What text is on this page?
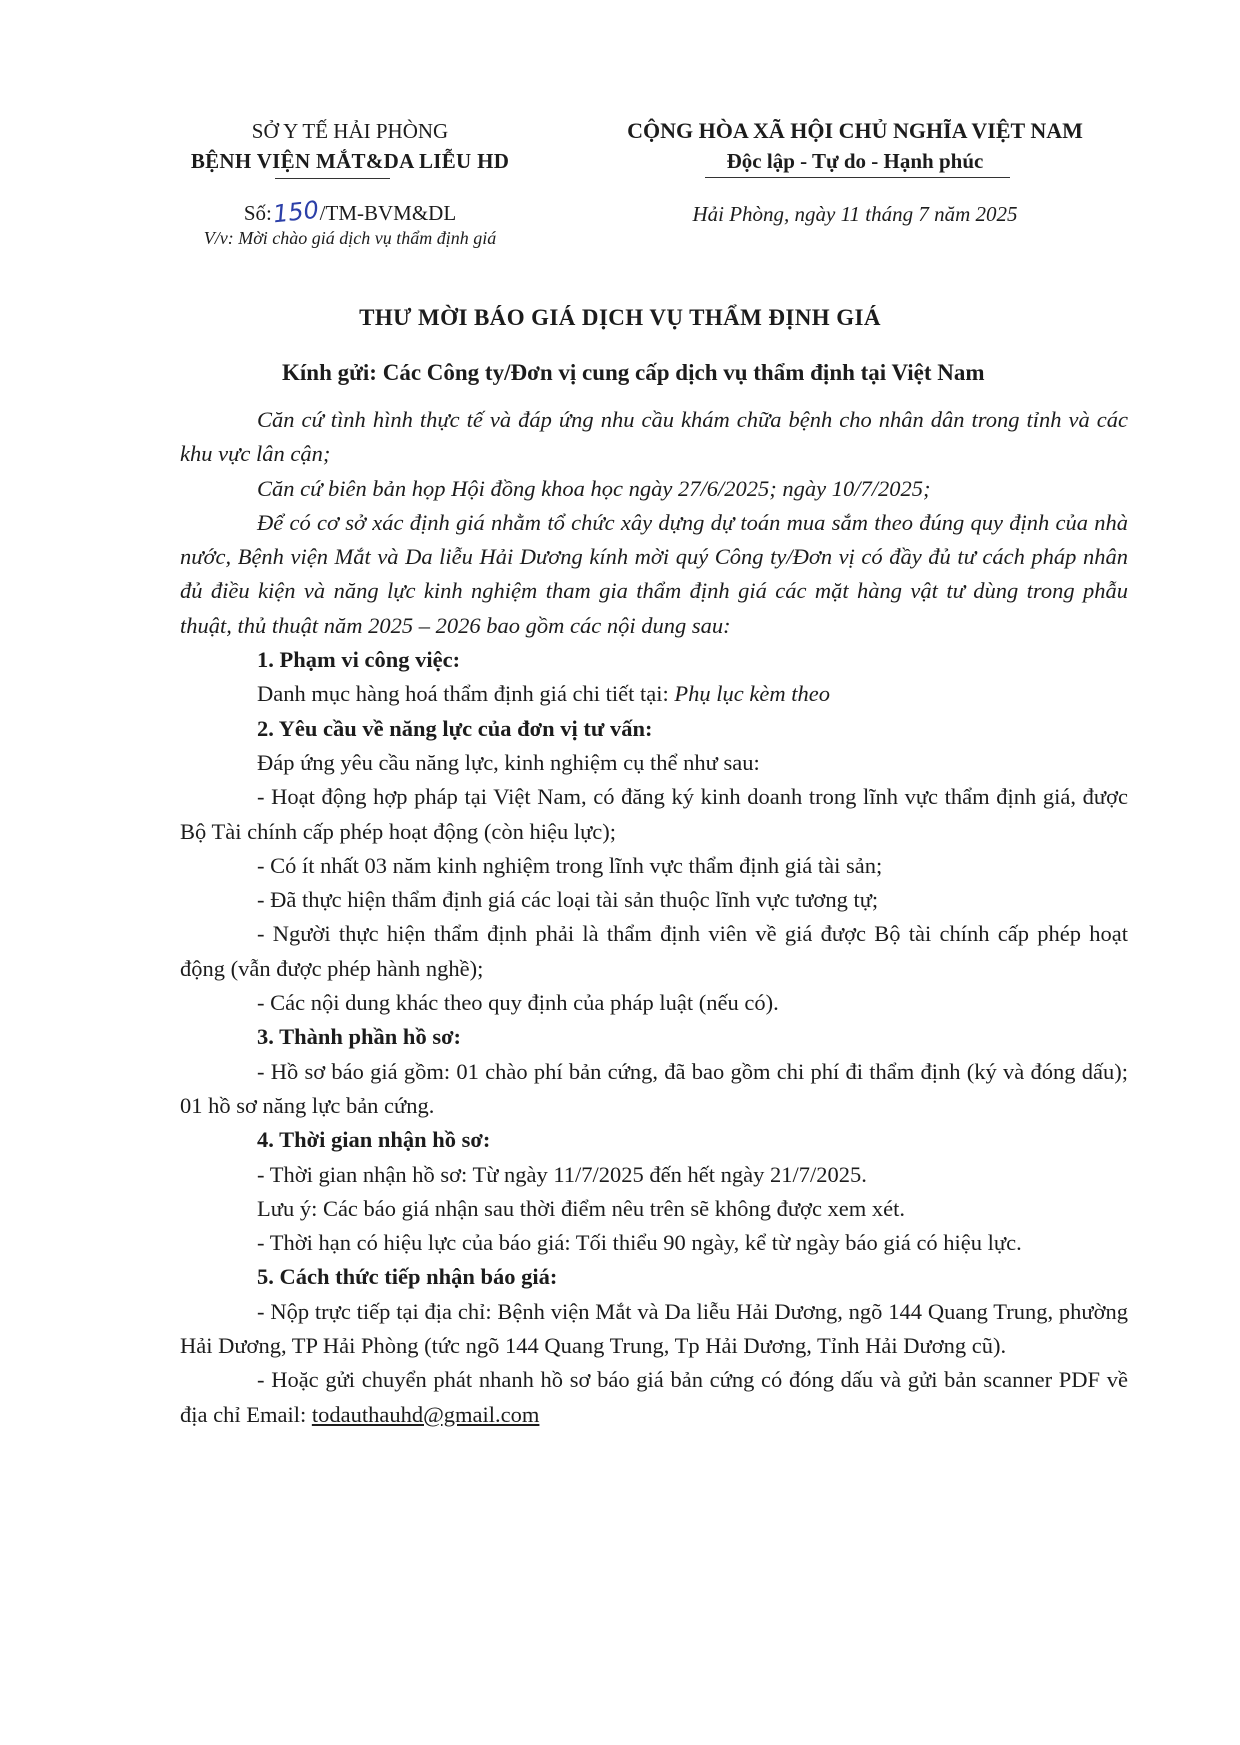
SỞ Y TẾ HẢI PHÒNG
BỆNH VIỆN MẮT&DA LIỄU HD
CỘNG HÒA XÃ HỘI CHỦ NGHĨA VIỆT NAM
Độc lập - Tự do - Hạnh phúc
Số:150/TM-BVM&DL
V/v: Mời chào giá dịch vụ thẩm định giá
Hải Phòng, ngày 11 tháng 7 năm 2025
THƯ MỜI BÁO GIÁ DỊCH VỤ THẨM ĐỊNH GIÁ
Kính gửi: Các Công ty/Đơn vị cung cấp dịch vụ thẩm định tại Việt Nam

Căn cứ tình hình thực tế và đáp ứng nhu cầu khám chữa bệnh cho nhân dân trong tỉnh và các khu vực lân cận;

Căn cứ biên bản họp Hội đồng khoa học ngày 27/6/2025; ngày 10/7/2025;

Để có cơ sở xác định giá nhằm tổ chức xây dựng dự toán mua sắm theo đúng quy định của nhà nước, Bệnh viện Mắt và Da liễu Hải Dương kính mời quý Công ty/Đơn vị có đầy đủ tư cách pháp nhân đủ điều kiện và năng lực kinh nghiệm tham gia thẩm định giá các mặt hàng vật tư dùng trong phẫu thuật, thủ thuật năm 2025 – 2026 bao gồm các nội dung sau:

1. Phạm vi công việc:

Danh mục hàng hoá thẩm định giá chi tiết tại: Phụ lục kèm theo

2. Yêu cầu về năng lực của đơn vị tư vấn:

Đáp ứng yêu cầu năng lực, kinh nghiệm cụ thể như sau:

- Hoạt động hợp pháp tại Việt Nam, có đăng ký kinh doanh trong lĩnh vực thẩm định giá, được Bộ Tài chính cấp phép hoạt động (còn hiệu lực);

- Có ít nhất 03 năm kinh nghiệm trong lĩnh vực thẩm định giá tài sản;

- Đã thực hiện thẩm định giá các loại tài sản thuộc lĩnh vực tương tự;

- Người thực hiện thẩm định phải là thẩm định viên về giá được Bộ tài chính cấp phép hoạt động (vẫn được phép hành nghề);

- Các nội dung khác theo quy định của pháp luật (nếu có).

3. Thành phần hồ sơ:

- Hồ sơ báo giá gồm: 01 chào phí bản cứng, đã bao gồm chi phí đi thẩm định (ký và đóng dấu); 01 hồ sơ năng lực bản cứng.

4. Thời gian nhận hồ sơ:

- Thời gian nhận hồ sơ: Từ ngày 11/7/2025 đến hết ngày 21/7/2025.

Lưu ý: Các báo giá nhận sau thời điểm nêu trên sẽ không được xem xét.

- Thời hạn có hiệu lực của báo giá: Tối thiểu 90 ngày, kể từ ngày báo giá có hiệu lực.

5. Cách thức tiếp nhận báo giá:

- Nộp trực tiếp tại địa chỉ: Bệnh viện Mắt và Da liễu Hải Dương, ngõ 144 Quang Trung, phường Hải Dương, TP Hải Phòng (tức ngõ 144 Quang Trung, Tp Hải Dương, Tỉnh Hải Dương cũ).

- Hoặc gửi chuyển phát nhanh hồ sơ báo giá bản cứng có đóng dấu và gửi bản scanner PDF về địa chỉ Email: todauthauhd@gmail.com
